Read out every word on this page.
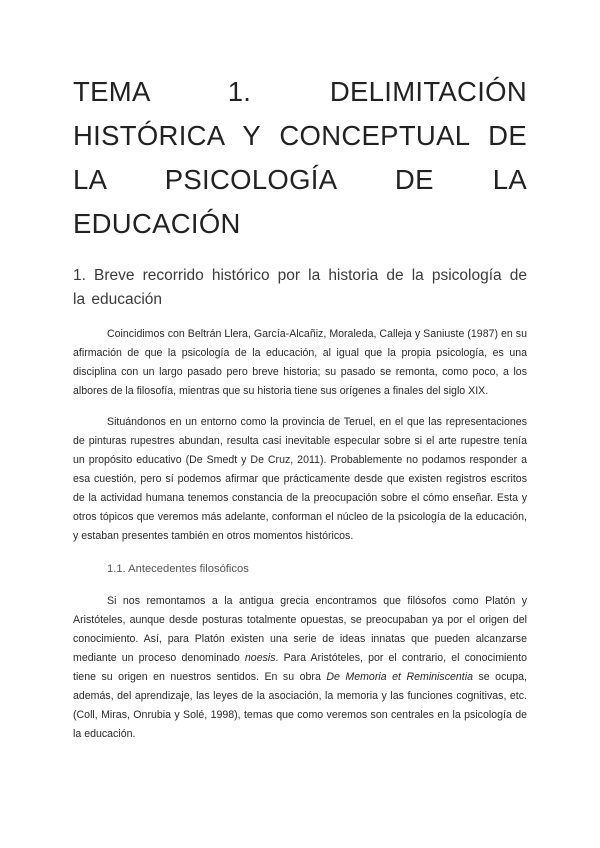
TEMA 1. DELIMITACIÓN HISTÓRICA Y CONCEPTUAL DE LA PSICOLOGÍA DE LA EDUCACIÓN
1. Breve recorrido histórico por la historia de la psicología de la educación

Coincidimos con Beltrán Llera, García-Alcañiz, Moraleda, Calleja y Saniuste (1987) en su afirmación de que la psicología de la educación, al igual que la propia psicología, es una disciplina con un largo pasado pero breve historia; su pasado se remonta, como poco, a los albores de la filosofía, mientras que su historia tiene sus orígenes a finales del siglo XIX.

Situándonos en un entorno como la provincia de Teruel, en el que las representaciones de pinturas rupestres abundan, resulta casi inevitable especular sobre si el arte rupestre tenía un propósito educativo (De Smedt y De Cruz, 2011). Probablemente no podamos responder a esa cuestión, pero sí podemos afirmar que prácticamente desde que existen registros escritos de la actividad humana tenemos constancia de la preocupación sobre el cómo enseñar. Esta y otros tópicos que veremos más adelante, conforman el núcleo de la psicología de la educación, y estaban presentes también en otros momentos históricos.

1.1. Antecedentes filosóficos

Si nos remontamos a la antigua grecia encontramos que filósofos como Platón y Aristóteles, aunque desde posturas totalmente opuestas, se preocupaban ya por el origen del conocimiento. Así, para Platón existen una serie de ideas innatas que pueden alcanzarse mediante un proceso denominado noesis. Para Aristóteles, por el contrario, el conocimiento tiene su origen en nuestros sentidos. En su obra De Memoria et Reminiscentia se ocupa, además, del aprendizaje, las leyes de la asociación, la memoria y las funciones cognitivas, etc. (Coll, Miras, Onrubia y Solé, 1998), temas que como veremos son centrales en la psicología de la educación.
